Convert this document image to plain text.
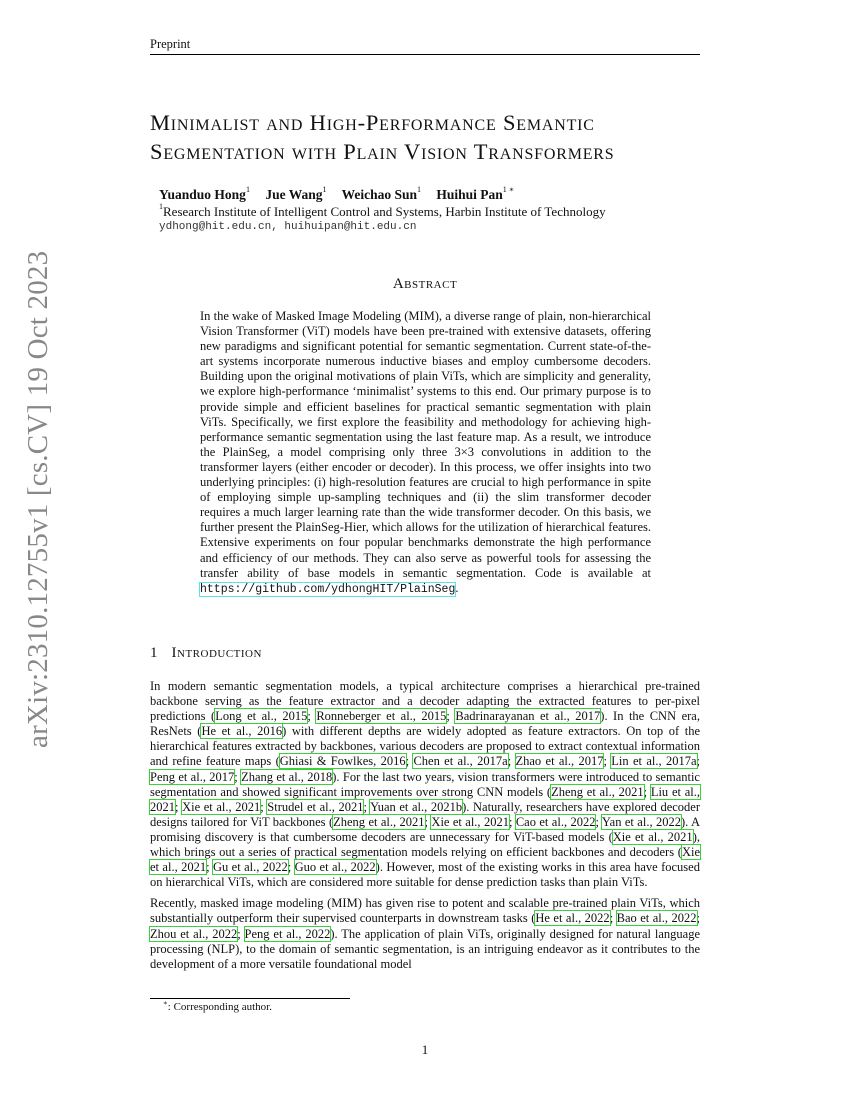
Preprint
arXiv:2310.12755v1 [cs.CV] 19 Oct 2023
Minimalist and High-Performance Semantic
Segmentation with Plain Vision Transformers
Yuanduo Hong$^1$ Jue Wang$^1$ Weichao Sun$^1$ Huihui Pan$^{1 ∗}$
$^1$Research Institute of Intelligent Control and Systems, Harbin Institute of Technology
ydhong@hit.edu.cn, huihuipan@hit.edu.cn
Abstract
In the wake of Masked Image Modeling (MIM), a diverse range of plain, non-hierarchical Vision Transformer (ViT) models have been pre-trained with extensive datasets, offering new paradigms and significant potential for semantic segmentation. Current state-of-the-art systems incorporate numerous inductive biases and employ cumbersome decoders. Building upon the original motivations of plain ViTs, which are simplicity and generality, we explore high-performance ‘minimalist’ systems to this end. Our primary purpose is to provide simple and efficient baselines for practical semantic segmentation with plain ViTs. Specifically, we first explore the feasibility and methodology for achieving high-performance semantic segmentation using the last feature map. As a result, we introduce the PlainSeg, a model comprising only three 3×3 convolutions in addition to the transformer layers (either encoder or decoder). In this process, we offer insights into two underlying principles: (i) high-resolution features are crucial to high performance in spite of employing simple up-sampling techniques and (ii) the slim transformer decoder requires a much larger learning rate than the wide transformer decoder. On this basis, we further present the PlainSeg-Hier, which allows for the utilization of hierarchical features. Extensive experiments on four popular benchmarks demonstrate the high performance and efficiency of our methods. They can also serve as powerful tools for assessing the transfer ability of base models in semantic segmentation. Code is available at https://github.com/ydhongHIT/PlainSeg.
1 Introduction

In modern semantic segmentation models, a typical architecture comprises a hierarchical pre-trained backbone serving as the feature extractor and a decoder adapting the extracted features to per-pixel predictions (Long et al., 2015; Ronneberger et al., 2015; Badrinarayanan et al., 2017). In the CNN era, ResNets (He et al., 2016) with different depths are widely adopted as feature extractors. On top of the hierarchical features extracted by backbones, various decoders are proposed to extract contextual information and refine feature maps (Ghiasi & Fowlkes, 2016; Chen et al., 2017a; Zhao et al., 2017; Lin et al., 2017a; Peng et al., 2017; Zhang et al., 2018). For the last two years, vision transformers were introduced to semantic segmentation and showed significant improvements over strong CNN models (Zheng et al., 2021; Liu et al., 2021; Xie et al., 2021; Strudel et al., 2021; Yuan et al., 2021b). Naturally, researchers have explored decoder designs tailored for ViT backbones (Zheng et al., 2021; Xie et al., 2021; Cao et al., 2022; Yan et al., 2022). A promising discovery is that cumbersome decoders are unnecessary for ViT-based models (Xie et al., 2021), which brings out a series of practical segmentation models relying on efficient backbones and decoders (Xie et al., 2021; Gu et al., 2022; Guo et al., 2022). However, most of the existing works in this area have focused on hierarchical ViTs, which are considered more suitable for dense prediction tasks than plain ViTs.

Recently, masked image modeling (MIM) has given rise to potent and scalable pre-trained plain ViTs, which substantially outperform their supervised counterparts in downstream tasks (He et al., 2022; Bao et al., 2022; Zhou et al., 2022; Peng et al., 2022). The application of plain ViTs, originally designed for natural language processing (NLP), to the domain of semantic segmentation, is an intriguing endeavor as it contributes to the development of a more versatile foundational model

∗: Corresponding author.
1
